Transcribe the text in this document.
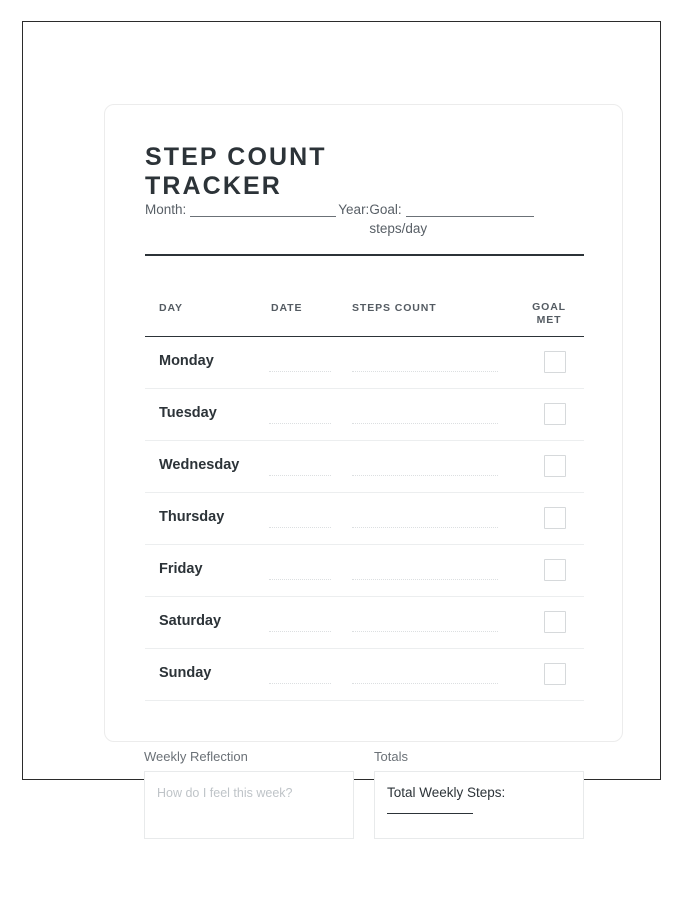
STEP COUNT
TRACKER
Month:	Year:Goal:
steps/day

DAY	DATE	STEPS COUNT	GOAL
MET
Monday
Tuesday
Wednesday
Thursday
Friday
Saturday
Sunday
Weekly Reflection
How do I feel this week?
Totals
Total Weekly Steps:
